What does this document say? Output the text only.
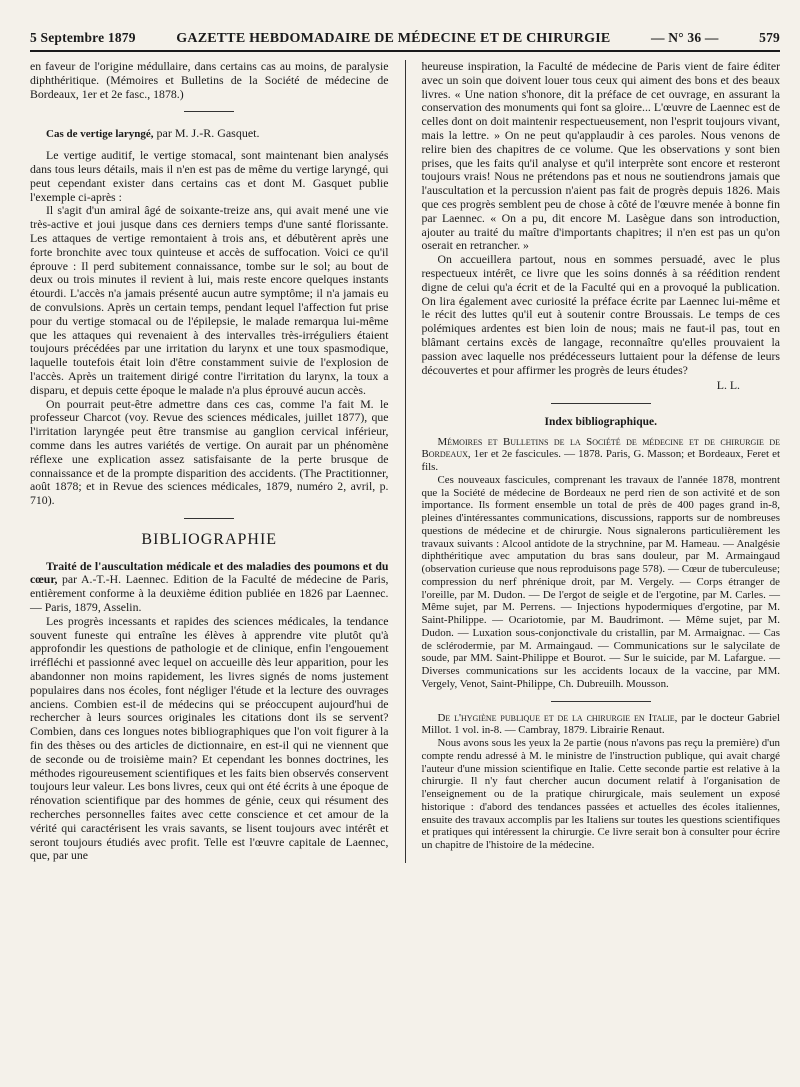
5 Septembre 1879	GAZETTE HEBDOMADAIRE DE MÉDECINE ET DE CHIRURGIE	— N° 36 —	579

en faveur de l'origine médullaire, dans certains cas au moins, de paralysie diphthéritique. (Mémoires et Bulletins de la Société de médecine de Bordeaux, 1er et 2e fasc., 1878.)

Cas de vertige laryngé, par M. J.-R. Gasquet.

Le vertige auditif, le vertige stomacal, sont maintenant bien analysés dans tous leurs détails, mais il n'en est pas de même du vertige laryngé, qui peut cependant exister dans certains cas et dont M. Gasquet publie l'exemple ci-après :

Il s'agit d'un amiral âgé de soixante-treize ans, qui avait mené une vie très-active et joui jusque dans ces derniers temps d'une santé florissante. Les attaques de vertige remontaient à trois ans, et débutèrent après une forte bronchite avec toux quinteuse et accès de suffocation. Voici ce qu'il éprouve : Il perd subitement connaissance, tombe sur le sol; au bout de deux ou trois minutes il revient à lui, mais reste encore quelques instants étourdi. L'accès n'a jamais présenté aucun autre symptôme; il n'a jamais eu de convulsions. Après un certain temps, pendant lequel l'affection fut prise pour du vertige stomacal ou de l'épilepsie, le malade remarqua lui-même que les attaques qui revenaient à des intervalles très-irréguliers étaient toujours précédées par une irritation du larynx et une toux spasmodique, laquelle toutefois était loin d'être constamment suivie de l'explosion de l'accès. Après un traitement dirigé contre l'irritation du larynx, la toux a disparu, et depuis cette époque le malade n'a plus éprouvé aucun accès.

On pourrait peut-être admettre dans ces cas, comme l'a fait M. le professeur Charcot (voy. Revue des sciences médicales, juillet 1877), que l'irritation laryngée peut être transmise au ganglion cervical inférieur, comme dans les autres variétés de vertige. On aurait par un phénomène réflexe une explication assez satisfaisante de la perte brusque de connaissance et de la prompte disparition des accidents. (The Practitionner, août 1878; et in Revue des sciences médicales, 1879, numéro 2, avril, p. 710).

BIBLIOGRAPHIE

Traité de l'auscultation médicale et des maladies des poumons et du cœur, par A.-T.-H. Laennec. Edition de la Faculté de médecine de Paris, entièrement conforme à la deuxième édition publiée en 1826 par Laennec. — Paris, 1879, Asselin.

Les progrès incessants et rapides des sciences médicales, la tendance souvent funeste qui entraîne les élèves à apprendre vite plutôt qu'à approfondir les questions de pathologie et de clinique, enfin l'engouement irréfléchi et passionné avec lequel on accueille dès leur apparition, pour les abandonner non moins rapidement, les livres signés de noms justement populaires dans nos écoles, font négliger l'étude et la lecture des ouvrages anciens. Combien est-il de médecins qui se préoccupent aujourd'hui de rechercher à leurs sources originales les citations dont ils se servent? Combien, dans ces longues notes bibliographiques que l'on voit figurer à la fin des thèses ou des articles de dictionnaire, en est-il qui ne viennent que de seconde ou de troisième main? Et cependant les bonnes doctrines, les méthodes rigoureusement scientifiques et les faits bien observés conservent toujours leur valeur. Les bons livres, ceux qui ont été écrits à une époque de rénovation scientifique par des hommes de génie, ceux qui résument des recherches personnelles faites avec cette conscience et cet amour de la vérité qui caractérisent les vrais savants, se lisent toujours avec intérêt et seront toujours étudiés avec profit. Telle est l'œuvre capitale de Laennec, que, par une

heureuse inspiration, la Faculté de médecine de Paris vient de faire éditer avec un soin que doivent louer tous ceux qui aiment des bons et des beaux livres. « Une nation s'honore, dit la préface de cet ouvrage, en assurant la conservation des monuments qui font sa gloire... L'œuvre de Laennec est de celles dont on doit maintenir respectueusement, non l'esprit toujours vivant, mais la lettre. » On ne peut qu'applaudir à ces paroles. Nous venons de relire bien des chapitres de ce volume. Que les observations y sont bien prises, que les faits qu'il analyse et qu'il interprète sont encore et resteront toujours vrais! Nous ne prétendons pas et nous ne soutiendrons jamais que l'auscultation et la percussion n'aient pas fait de progrès depuis 1826. Mais que ces progrès semblent peu de chose à côté de l'œuvre menée à bonne fin par Laennec. « On a pu, dit encore M. Lasègue dans son introduction, ajouter au traité du maître d'importants chapitres; il n'en est pas un qu'on oserait en retrancher. »

On accueillera partout, nous en sommes persuadé, avec le plus respectueux intérêt, ce livre que les soins donnés à sa réédition rendent digne de celui qu'a écrit et de la Faculté qui en a provoqué la publication. On lira également avec curiosité la préface écrite par Laennec lui-même et le récit des luttes qu'il eut à soutenir contre Broussais. Le temps de ces polémiques ardentes est bien loin de nous; mais ne faut-il pas, tout en blâmant certains excès de langage, reconnaître qu'elles prouvaient la passion avec laquelle nos prédécesseurs luttaient pour la défense de leurs découvertes et pour affirmer les progrès de leurs études?

L. L.
Index bibliographique.

Mémoires et Bulletins de la Société de médecine et de chirurgie de Bordeaux, 1er et 2e fascicules. — 1878. Paris, G. Masson; et Bordeaux, Feret et fils.

Ces nouveaux fascicules, comprenant les travaux de l'année 1878, montrent que la Société de médecine de Bordeaux ne perd rien de son activité et de son importance. Ils forment ensemble un total de près de 400 pages grand in-8, pleines d'intéressantes communications, discussions, rapports sur de nombreuses questions de médecine et de chirurgie. Nous signalerons particulièrement les travaux suivants : Alcool antidote de la strychnine, par M. Hameau. — Analgésie diphthéritique avec amputation du bras sans douleur, par M. Armaingaud (observation curieuse que nous reproduisons page 578). — Cœur de tuberculeuse; compression du nerf phrénique droit, par M. Vergely. — Corps étranger de l'oreille, par M. Dudon. — De l'ergot de seigle et de l'ergotine, par M. Carles. — Même sujet, par M. Perrens. — Injections hypodermiques d'ergotine, par M. Saint-Philippe. — Ocariotomie, par M. Baudrimont. — Même sujet, par M. Dudon. — Luxation sous-conjonctivale du cristallin, par M. Armaignac. — Cas de sclérodermie, par M. Armaingaud. — Communications sur le salycilate de soude, par MM. Saint-Philippe et Bourot. — Sur le suicide, par M. Lafargue. — Diverses communications sur les accidents locaux de la vaccine, par MM. Vergely, Venot, Saint-Philippe, Ch. Dubreuilh. Mousson.

De l'hygiène publique et de la chirurgie en Italie, par le docteur Gabriel Millot. 1 vol. in-8. — Cambray, 1879. Librairie Renaut.

Nous avons sous les yeux la 2e partie (nous n'avons pas reçu la première) d'un compte rendu adressé à M. le ministre de l'instruction publique, qui avait chargé l'auteur d'une mission scientifique en Italie. Cette seconde partie est relative à la chirurgie. Il n'y faut chercher aucun document relatif à l'organisation de l'enseignement ou de la pratique chirurgicale, mais seulement un exposé historique : d'abord des tendances passées et actuelles des écoles italiennes, ensuite des travaux accomplis par les Italiens sur toutes les questions scientifiques et pratiques qui intéressent la chirurgie. Ce livre serait bon à consulter pour écrire un chapitre de l'histoire de la médecine.
